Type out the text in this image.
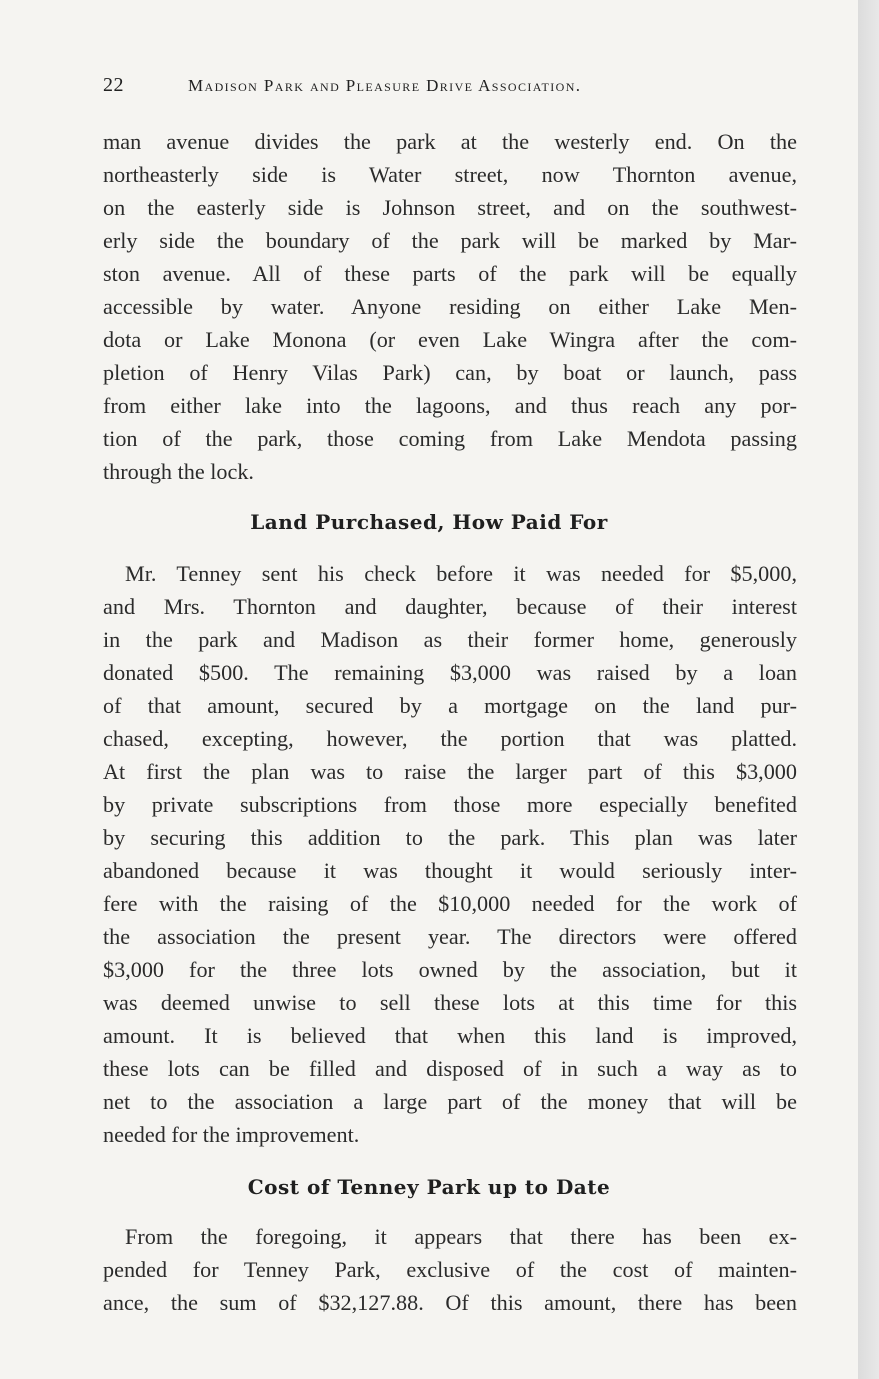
22	Madison Park and Pleasure Drive Association.
man avenue divides the park at the westerly end. On the
northeasterly side is Water street, now Thornton avenue,
on the easterly side is Johnson street, and on the southwest-
erly side the boundary of the park will be marked by Mar-
ston avenue. All of these parts of the park will be equally
accessible by water. Anyone residing on either Lake Men-
dota or Lake Monona (or even Lake Wingra after the com-
pletion of Henry Vilas Park) can, by boat or launch, pass
from either lake into the lagoons, and thus reach any por-
tion of the park, those coming from Lake Mendota passing
through the lock.
Land Purchased, How Paid For
Mr. Tenney sent his check before it was needed for $5,000,
and Mrs. Thornton and daughter, because of their interest
in the park and Madison as their former home, generously
donated $500. The remaining $3,000 was raised by a loan
of that amount, secured by a mortgage on the land pur-
chased, excepting, however, the portion that was platted.
At first the plan was to raise the larger part of this $3,000
by private subscriptions from those more especially benefited
by securing this addition to the park. This plan was later
abandoned because it was thought it would seriously inter-
fere with the raising of the $10,000 needed for the work of
the association the present year. The directors were offered
$3,000 for the three lots owned by the association, but it
was deemed unwise to sell these lots at this time for this
amount. It is believed that when this land is improved,
these lots can be filled and disposed of in such a way as to
net to the association a large part of the money that will be
needed for the improvement.
Cost of Tenney Park up to Date
From the foregoing, it appears that there has been ex-
pended for Tenney Park, exclusive of the cost of mainten-
ance, the sum of $32,127.88. Of this amount, there has been
